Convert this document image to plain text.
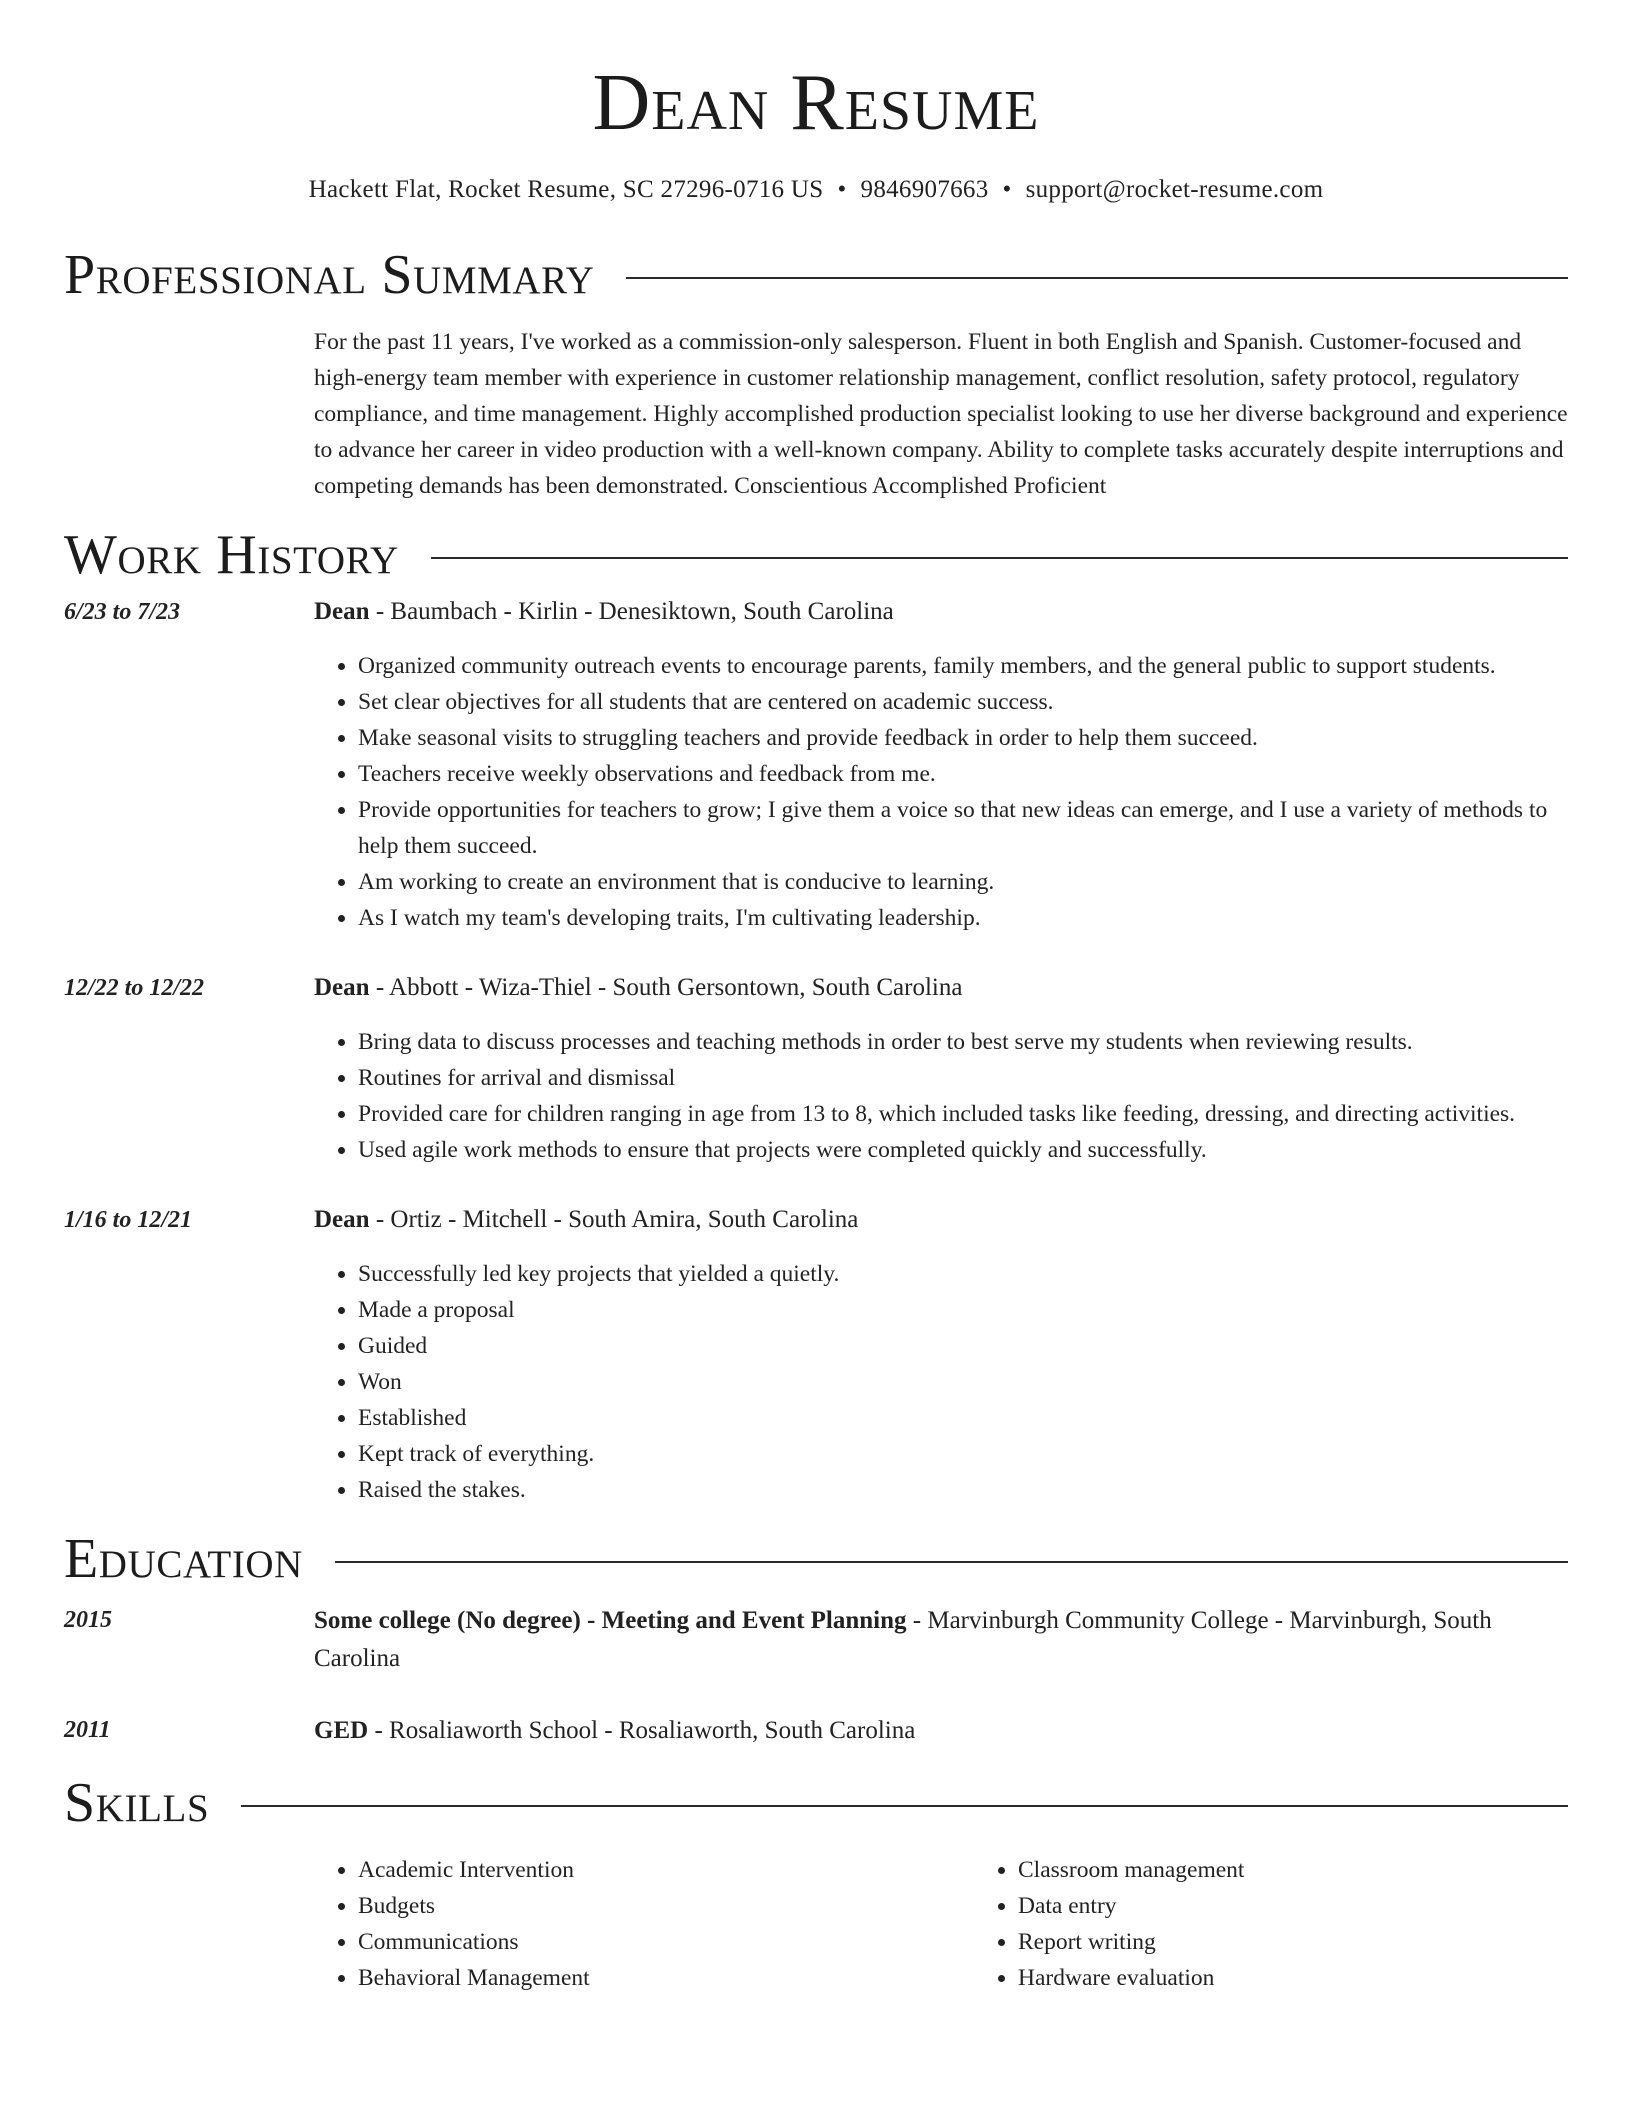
Dean Resume
Hackett Flat, Rocket Resume, SC 27296-0716 US • 9846907663 • support@rocket-resume.com
Professional Summary
For the past 11 years, I've worked as a commission-only salesperson. Fluent in both English and Spanish. Customer-focused and high-energy team member with experience in customer relationship management, conflict resolution, safety protocol, regulatory compliance, and time management. Highly accomplished production specialist looking to use her diverse background and experience to advance her career in video production with a well-known company. Ability to complete tasks accurately despite interruptions and competing demands has been demonstrated. Conscientious Accomplished Proficient
Work History
6/23 to 7/23	Dean - Baumbach - Kirlin - Denesiktown, South Carolina
• Organized community outreach events to encourage parents, family members, and the general public to support students.
• Set clear objectives for all students that are centered on academic success.
• Make seasonal visits to struggling teachers and provide feedback in order to help them succeed.
• Teachers receive weekly observations and feedback from me.
• Provide opportunities for teachers to grow; I give them a voice so that new ideas can emerge, and I use a variety of methods to help them succeed.
• Am working to create an environment that is conducive to learning.
• As I watch my team's developing traits, I'm cultivating leadership.
12/22 to 12/22	Dean - Abbott - Wiza-Thiel - South Gersontown, South Carolina
• Bring data to discuss processes and teaching methods in order to best serve my students when reviewing results.
• Routines for arrival and dismissal
• Provided care for children ranging in age from 13 to 8, which included tasks like feeding, dressing, and directing activities.
• Used agile work methods to ensure that projects were completed quickly and successfully.
1/16 to 12/21	Dean - Ortiz - Mitchell - South Amira, South Carolina
• Successfully led key projects that yielded a quietly.
• Made a proposal
• Guided
• Won
• Established
• Kept track of everything.
• Raised the stakes.
Education
2015	Some college (No degree) - Meeting and Event Planning - Marvinburgh Community College - Marvinburgh, South Carolina
2011	GED - Rosaliaworth School - Rosaliaworth, South Carolina
Skills
• Academic Intervention
• Budgets
• Communications
• Behavioral Management
• Classroom management
• Data entry
• Report writing
• Hardware evaluation
